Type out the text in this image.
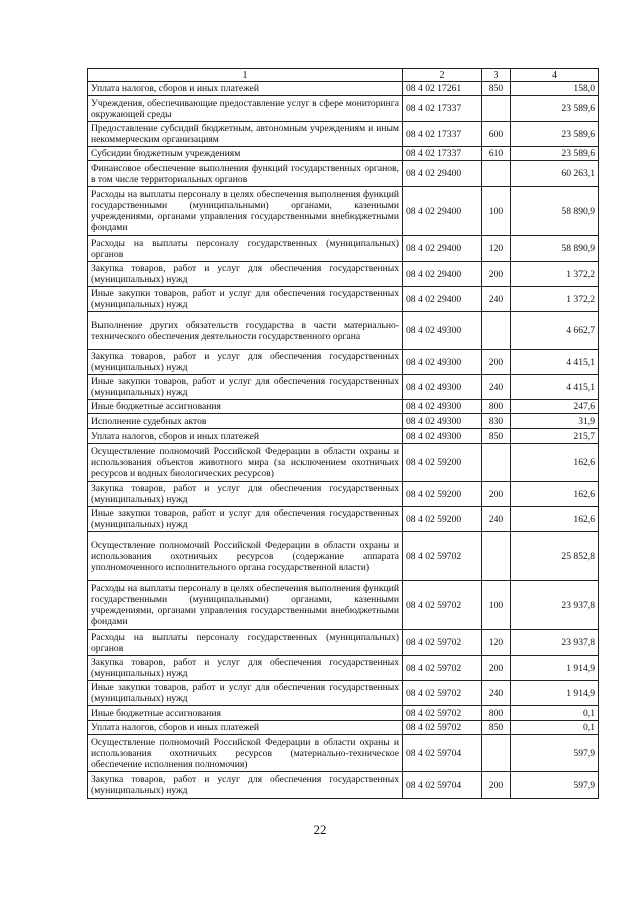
1	2	3	4
Уплата налогов, сборов и иных платежей	08 4 02 17261	850	158,0
Учреждения, обеспечивающие предоставление услуг в сфере мониторинга окружающей среды	08 4 02 17337		23 589,6
Предоставление субсидий бюджетным, автономным учреждениям и иным некоммерческим организациям	08 4 02 17337	600	23 589,6
Субсидии бюджетным учреждениям	08 4 02 17337	610	23 589,6
Финансовое обеспечение выполнения функций государственных органов, в том числе территориальных органов	08 4 02 29400		60 263,1
Расходы на выплаты персоналу в целях обеспечения выполнения функций государственными (муниципальными) органами, казенными учреждениями, органами управления государственными внебюджетными фондами	08 4 02 29400	100	58 890,9
Расходы на выплаты персоналу государственных (муниципальных) органов	08 4 02 29400	120	58 890,9
Закупка товаров, работ и услуг для обеспечения государственных (муниципальных) нужд	08 4 02 29400	200	1 372,2
Иные закупки товаров, работ и услуг для обеспечения государственных (муниципальных) нужд	08 4 02 29400	240	1 372,2
Выполнение других обязательств государства в части материально-технического обеспечения деятельности государственного органа	08 4 02 49300		4 662,7
Закупка товаров, работ и услуг для обеспечения государственных (муниципальных) нужд	08 4 02 49300	200	4 415,1
Иные закупки товаров, работ и услуг для обеспечения государственных (муниципальных) нужд	08 4 02 49300	240	4 415,1
Иные бюджетные ассигнования	08 4 02 49300	800	247,6
Исполнение судебных актов	08 4 02 49300	830	31,9
Уплата налогов, сборов и иных платежей	08 4 02 49300	850	215,7
Осуществление полномочий Российской Федерации в области охраны и использования объектов животного мира (за исключением охотничьих ресурсов и водных биологических ресурсов)	08 4 02 59200		162,6
Закупка товаров, работ и услуг для обеспечения государственных (муниципальных) нужд	08 4 02 59200	200	162,6
Иные закупки товаров, работ и услуг для обеспечения государственных (муниципальных) нужд	08 4 02 59200	240	162,6
Осуществление полномочий Российской Федерации в области охраны и использования охотничьих ресурсов (содержание аппарата уполномоченного исполнительного органа государственной власти)	08 4 02 59702		25 852,8
Расходы на выплаты персоналу в целях обеспечения выполнения функций государственными (муниципальными) органами, казенными учреждениями, органами управления государственными внебюджетными фондами	08 4 02 59702	100	23 937,8
Расходы на выплаты персоналу государственных (муниципальных) органов	08 4 02 59702	120	23 937,8
Закупка товаров, работ и услуг для обеспечения государственных (муниципальных) нужд	08 4 02 59702	200	1 914,9
Иные закупки товаров, работ и услуг для обеспечения государственных (муниципальных) нужд	08 4 02 59702	240	1 914,9
Иные бюджетные ассигнования	08 4 02 59702	800	0,1
Уплата налогов, сборов и иных платежей	08 4 02 59702	850	0,1
Осуществление полномочий Российской Федерации в области охраны и использования охотничьих ресурсов (материально-техническое обеспечение исполнения полномочия)	08 4 02 59704		597,9
Закупка товаров, работ и услуг для обеспечения государственных (муниципальных) нужд	08 4 02 59704	200	597,9
22
